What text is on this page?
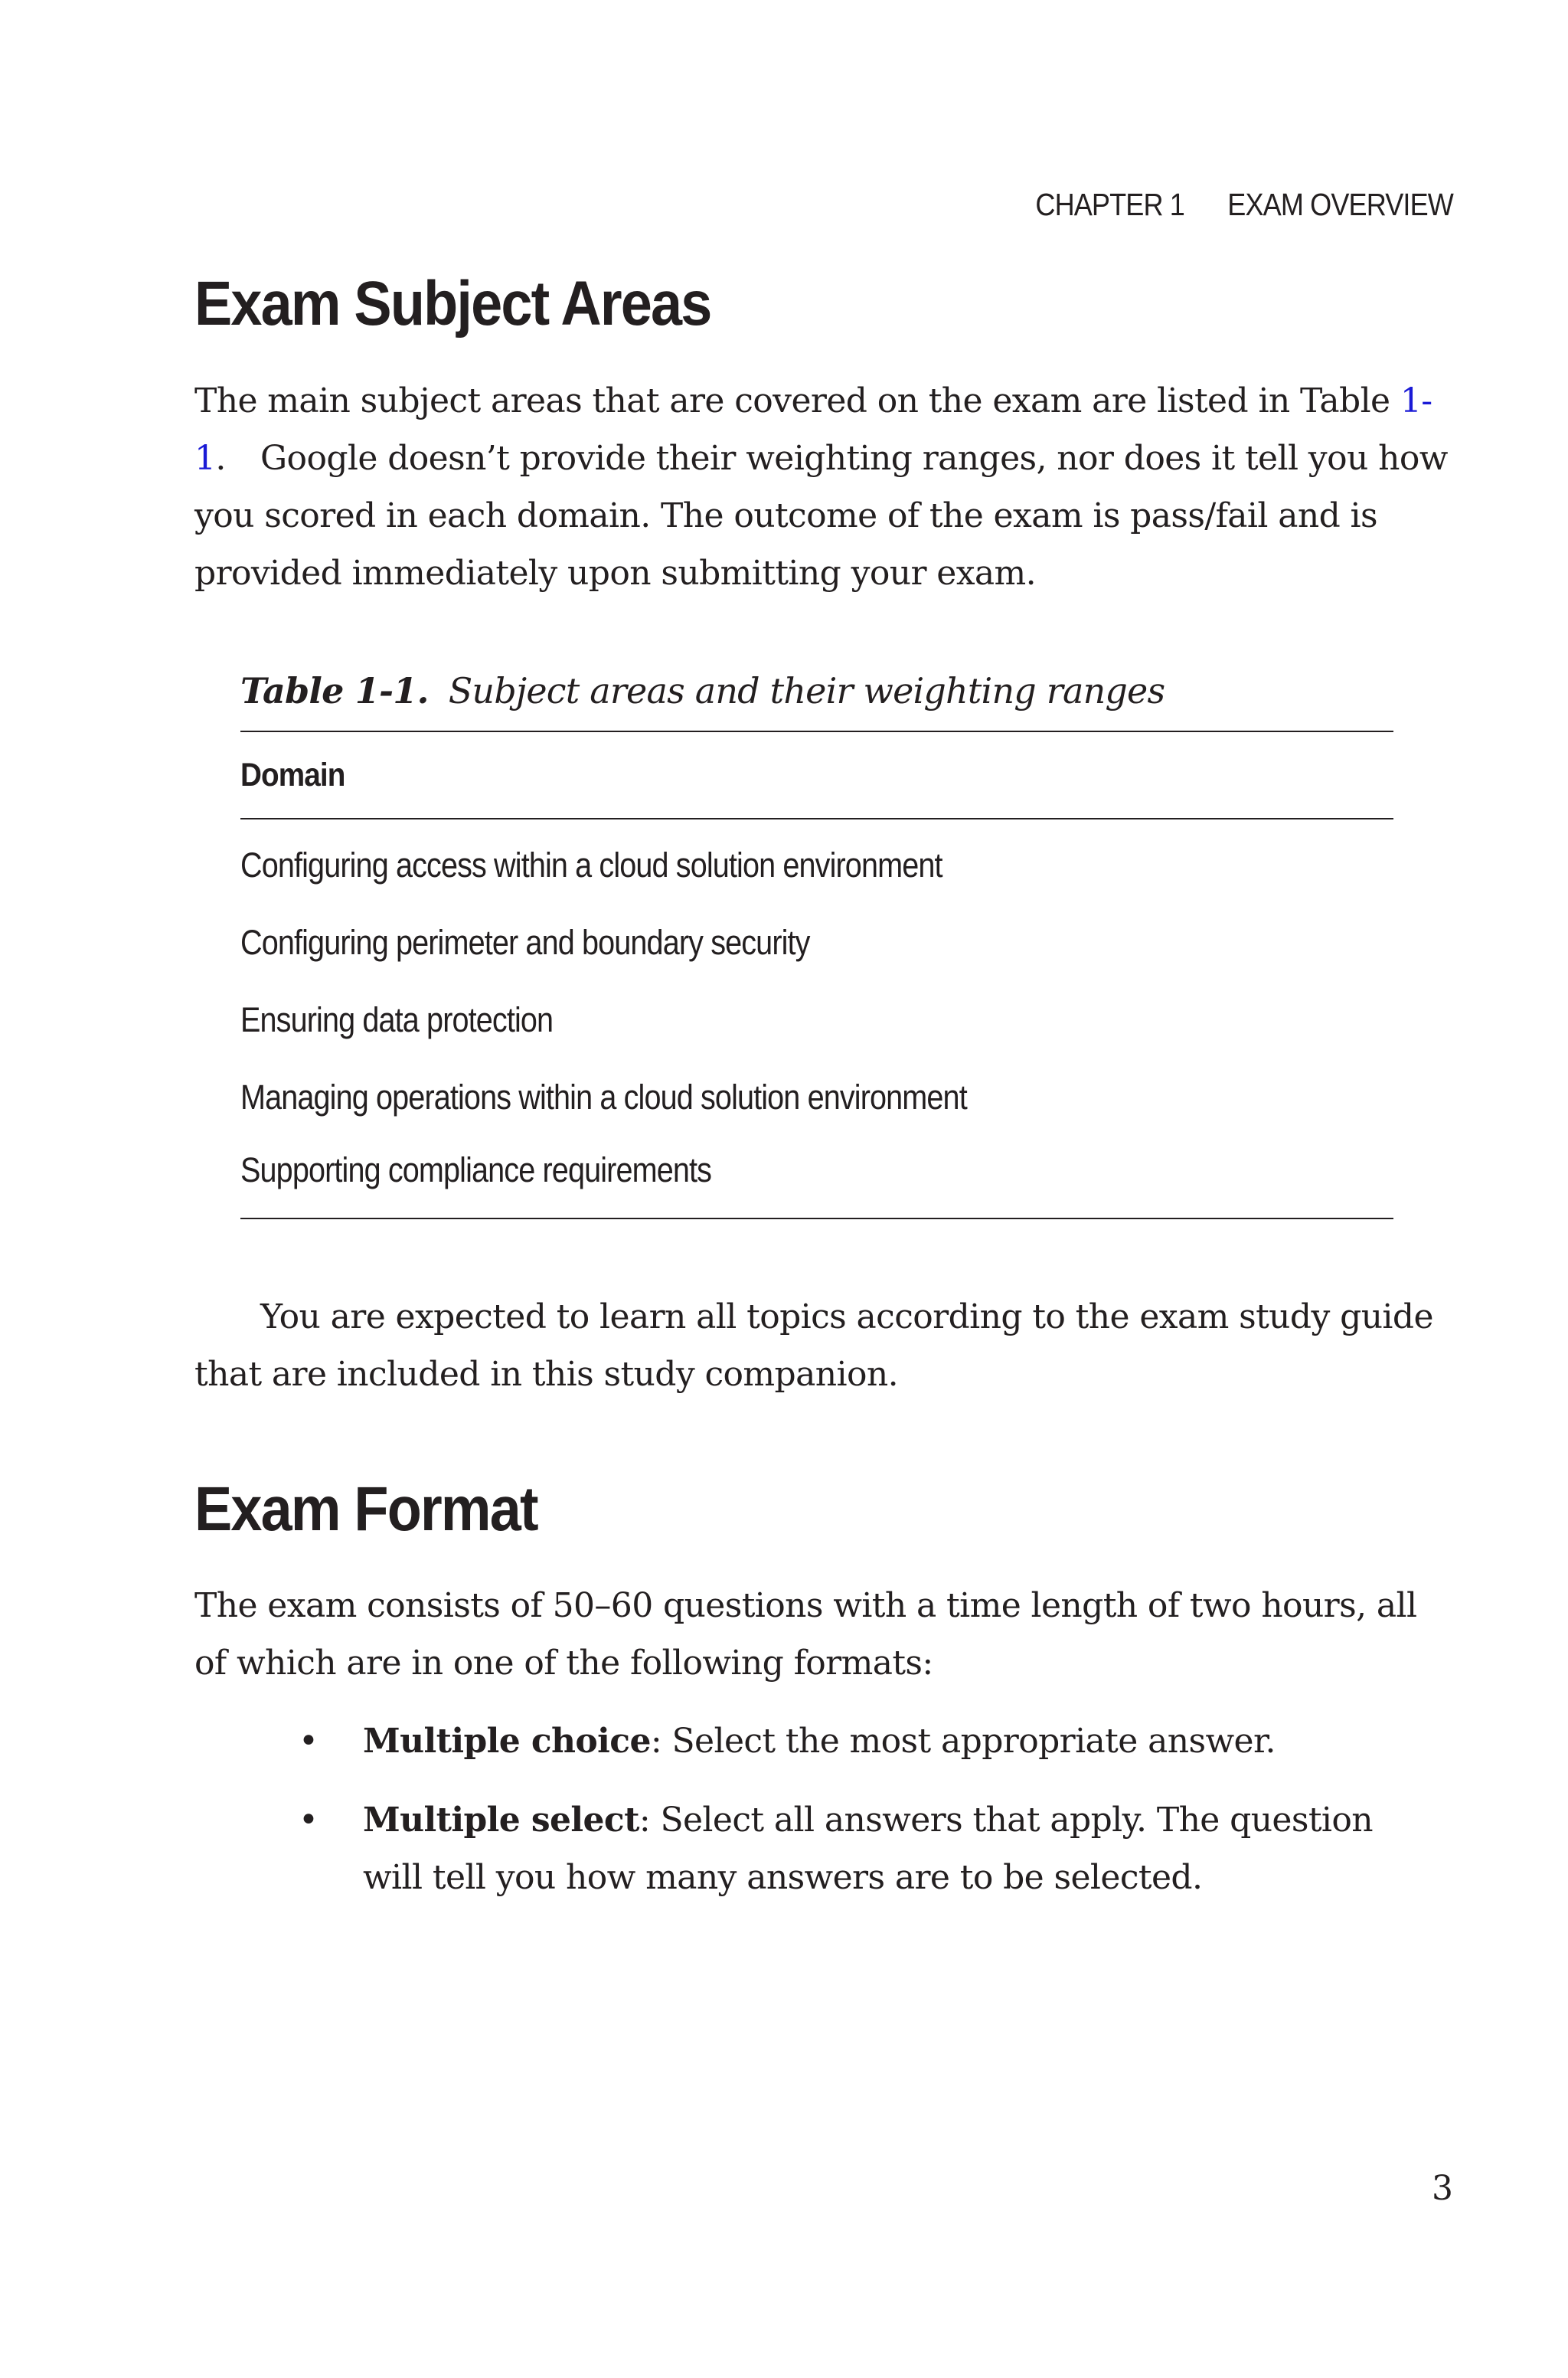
CHAPTER 1 EXAM OVERVIEW
Exam Subject Areas

The main subject areas that are covered on the exam are listed in Table 1-1.	Google doesn’t provide their weighting ranges, nor does it tell you how you scored in each domain. The outcome of the exam is pass/fail and is provided immediately upon submitting your exam.

Table 1-1. Subject areas and their weighting ranges
Domain
Configuring access within a cloud solution environment
Configuring perimeter and boundary security
Ensuring data protection
Managing operations within a cloud solution environment
Supporting compliance requirements

You are expected to learn all topics according to the exam study guide that are included in this study companion.

Exam Format

The exam consists of 50–60 questions with a time length of two hours, all of which are in one of the following formats:

• Multiple choice: Select the most appropriate answer.
• Multiple select: Select all answers that apply. The question will tell you how many answers are to be selected.
3
